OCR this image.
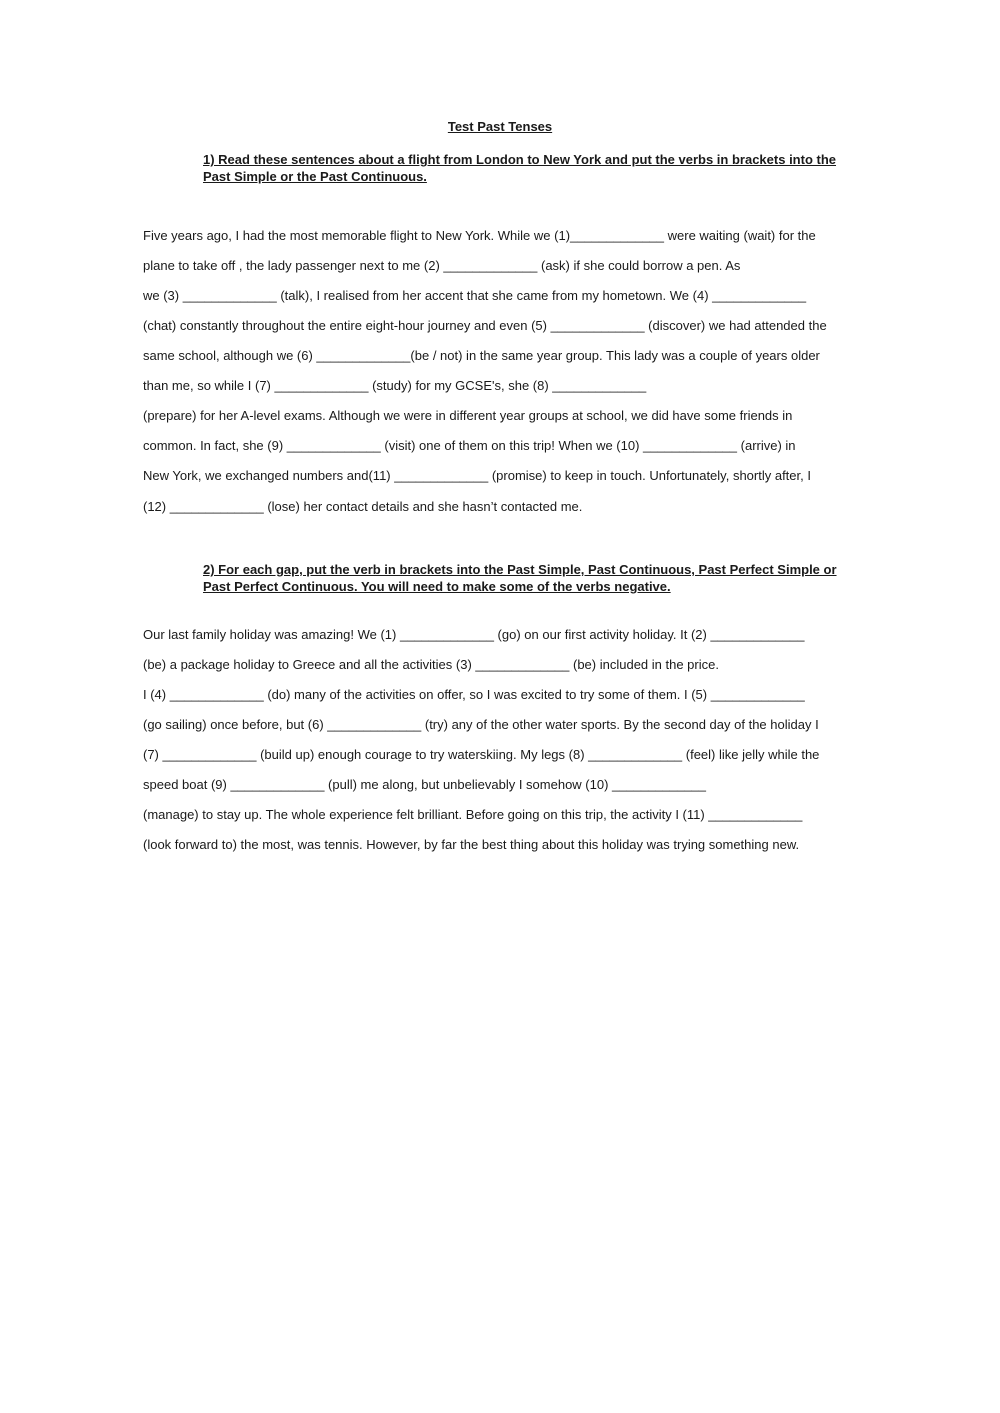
Test Past Tenses

1) Read these sentences about a flight from London to New York and put the verbs in brackets into the Past Simple or the Past Continuous.

Five years ago, I had the most memorable flight to New York. While we (1)_____________ were waiting (wait) for the

plane to take off , the lady passenger next to me (2) _____________ (ask) if she could borrow a pen. As

we (3) _____________ (talk), I realised from her accent that she came from my hometown. We (4) _____________

(chat) constantly throughout the entire eight-hour journey and even (5) _____________ (discover) we had attended the

same school, although we (6) _____________(be / not) in the same year group. This lady was a couple of years older

than me, so while I (7) _____________ (study) for my GCSE's, she (8) _____________

(prepare) for her A-level exams. Although we were in different year groups at school, we did have some friends in

common. In fact, she (9) _____________ (visit) one of them on this trip! When we (10) _____________ (arrive) in

New York, we exchanged numbers and(11) _____________ (promise) to keep in touch. Unfortunately, shortly after, I

(12) _____________ (lose) her contact details and she hasn’t contacted me.

2) For each gap, put the verb in brackets into the Past Simple, Past Continuous, Past Perfect Simple or Past Perfect Continuous. You will need to make some of the verbs negative.

Our last family holiday was amazing! We (1) _____________ (go) on our first activity holiday. It (2) _____________

(be) a package holiday to Greece and all the activities (3) _____________ (be) included in the price.

I (4) _____________ (do) many of the activities on offer, so I was excited to try some of them. I (5) _____________

(go sailing) once before, but (6) _____________ (try) any of the other water sports. By the second day of the holiday I

(7) _____________ (build up) enough courage to try waterskiing. My legs (8) _____________ (feel) like jelly while the

speed boat (9) _____________ (pull) me along, but unbelievably I somehow (10) _____________

(manage) to stay up. The whole experience felt brilliant. Before going on this trip, the activity I (11) _____________

(look forward to) the most, was tennis. However, by far the best thing about this holiday was trying something new.
